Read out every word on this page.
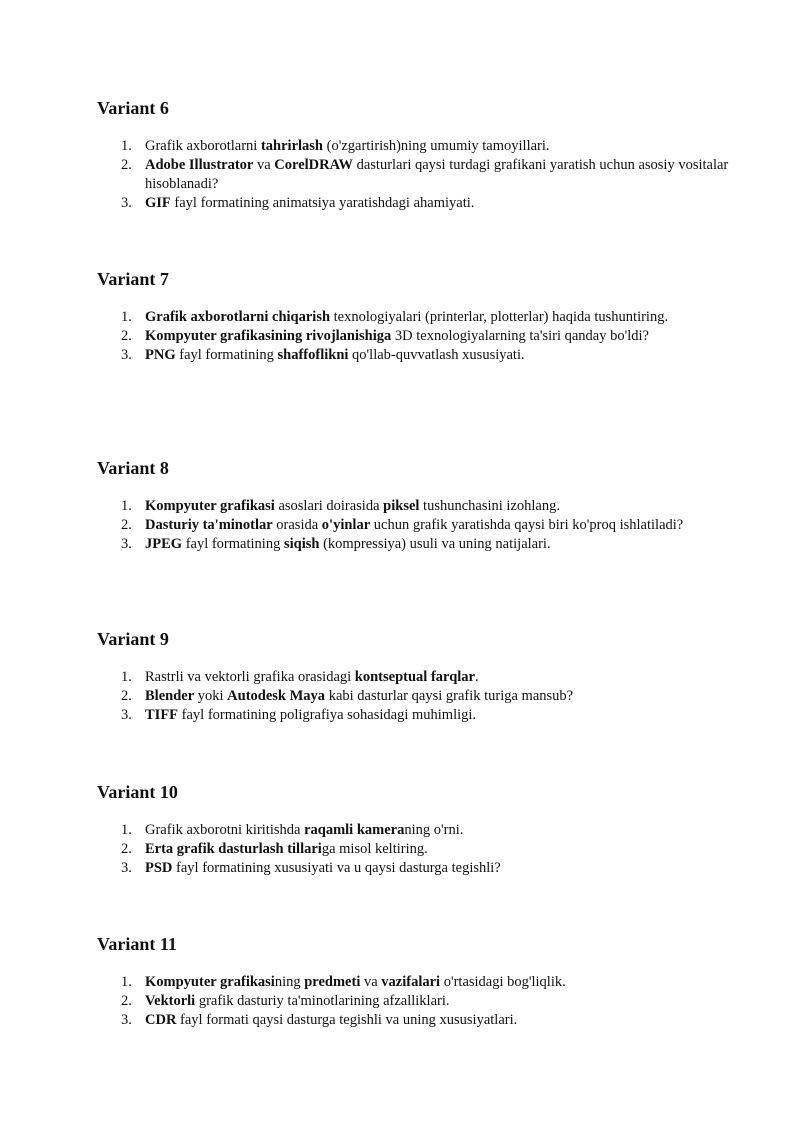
Variant 6
1. Grafik axborotlarni tahrirlash (o'zgartirish)ning umumiy tamoyillari.
2. Adobe Illustrator va CorelDRAW dasturlari qaysi turdagi grafikani yaratish uchun asosiy vositalar hisoblanadi?
3. GIF fayl formatining animatsiya yaratishdagi ahamiyati.
Variant 7
1. Grafik axborotlarni chiqarish texnologiyalari (printerlar, plotterlar) haqida tushuntiring.
2. Kompyuter grafikasining rivojlanishiga 3D texnologiyalarning ta'siri qanday bo'ldi?
3. PNG fayl formatining shaffoflikni qo'llab-quvvatlash xususiyati.
Variant 8
1. Kompyuter grafikasi asoslari doirasida piksel tushunchasini izohlang.
2. Dasturiy ta'minotlar orasida o'yinlar uchun grafik yaratishda qaysi biri ko'proq ishlatiladi?
3. JPEG fayl formatining siqish (kompressiya) usuli va uning natijalari.
Variant 9
1. Rastrli va vektorli grafika orasidagi kontseptual farqlar.
2. Blender yoki Autodesk Maya kabi dasturlar qaysi grafik turiga mansub?
3. TIFF fayl formatining poligrafiya sohasidagi muhimligi.
Variant 10
1. Grafik axborotni kiritishda raqamli kameraning o'rni.
2. Erta grafik dasturlash tillariga misol keltiring.
3. PSD fayl formatining xususiyati va u qaysi dasturga tegishli?
Variant 11
1. Kompyuter grafikasining predmeti va vazifalari o'rtasidagi bog'liqlik.
2. Vektorli grafik dasturiy ta'minotlarining afzalliklari.
3. CDR fayl formati qaysi dasturga tegishli va uning xususiyatlari.
